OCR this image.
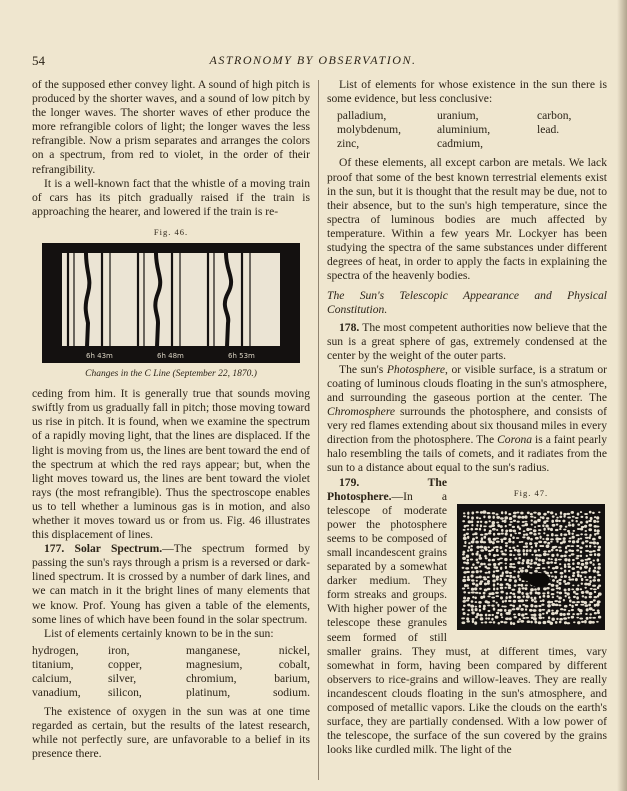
54	ASTRONOMY BY OBSERVATION.

of the supposed ether convey light. A sound of high pitch is produced by the shorter waves, and a sound of low pitch by the longer waves. The shorter waves of ether produce the more refrangible colors of light; the longer waves the less refrangible. Now a prism separates and arranges the colors on a spectrum, from red to violet, in the order of their refrangibility.

It is a well-known fact that the whistle of a moving train of cars has its pitch gradually raised if the train is approaching the hearer, and lowered if the train is re-

Fig. 46.
6h 43m	6h 48m	6h 53m
Changes in the C Line (September 22, 1870.)

ceding from him. It is generally true that sounds moving swiftly from us gradually fall in pitch; those moving toward us rise in pitch. It is found, when we examine the spectrum of a rapidly moving light, that the lines are displaced. If the light is moving from us, the lines are bent toward the end of the spectrum at which the red rays appear; but, when the light moves toward us, the lines are bent toward the violet rays (the most refrangible). Thus the spectroscope enables us to tell whether a luminous gas is in motion, and also whether it moves toward us or from us. Fig. 46 illustrates this displacement of lines.

177. Solar Spectrum.—The spectrum formed by passing the sun's rays through a prism is a reversed or dark-lined spectrum. It is crossed by a number of dark lines, and we can match in it the bright lines of many elements that we know. Prof. Young has given a table of the elements, some lines of which have been found in the solar spectrum.

List of elements certainly known to be in the sun:

hydrogen,	iron,	manganese,	nickel,
titanium,	copper,	magnesium,	cobalt,
calcium,	silver,	chromium,	barium,
vanadium,	silicon,	platinum,	sodium.

The existence of oxygen in the sun was at one time regarded as certain, but the results of the latest research, while not perfectly sure, are unfavorable to a belief in its presence there.

List of elements for whose existence in the sun there is some evidence, but less conclusive:

palladium,	uranium,	carbon,
molybdenum,	aluminium,	lead.
zinc,	cadmium,

Of these elements, all except carbon are metals. We lack proof that some of the best known terrestrial elements exist in the sun, but it is thought that the result may be due, not to their absence, but to the sun's high temperature, since the spectra of luminous bodies are much affected by temperature. Within a few years Mr. Lockyer has been studying the spectra of the same substances under different degrees of heat, in order to apply the facts in explaining the spectra of the heavenly bodies.

The Sun's Telescopic Appearance and Physical Constitution.

178. The most competent authorities now believe that the sun is a great sphere of gas, extremely condensed at the center by the weight of the outer parts.

The sun's Photosphere, or visible surface, is a stratum or coating of luminous clouds floating in the sun's atmosphere, and surrounding the gaseous portion at the center. The Chromosphere surrounds the photosphere, and consists of very red flames extending about six thousand miles in every direction from the photosphere. The Corona is a faint pearly halo resembling the tails of comets, and it radiates from the sun to a distance about equal to the sun's radius.

Fig. 47.

179.	The Photosphere.—In a telescope of moderate power the photosphere seems to be composed of small incandescent grains separated by a somewhat darker medium. They form streaks and groups. With higher power of the telescope these granules seem formed of still smaller grains. They must, at different times, vary somewhat in form, having been compared by different observers to rice-grains and willow-leaves. They are really incandescent clouds floating in the sun's atmosphere, and composed of metallic vapors. Like the clouds on the earth's surface, they are partially condensed. With a low power of the telescope, the surface of the sun covered by the grains looks like curdled milk. The light of the
